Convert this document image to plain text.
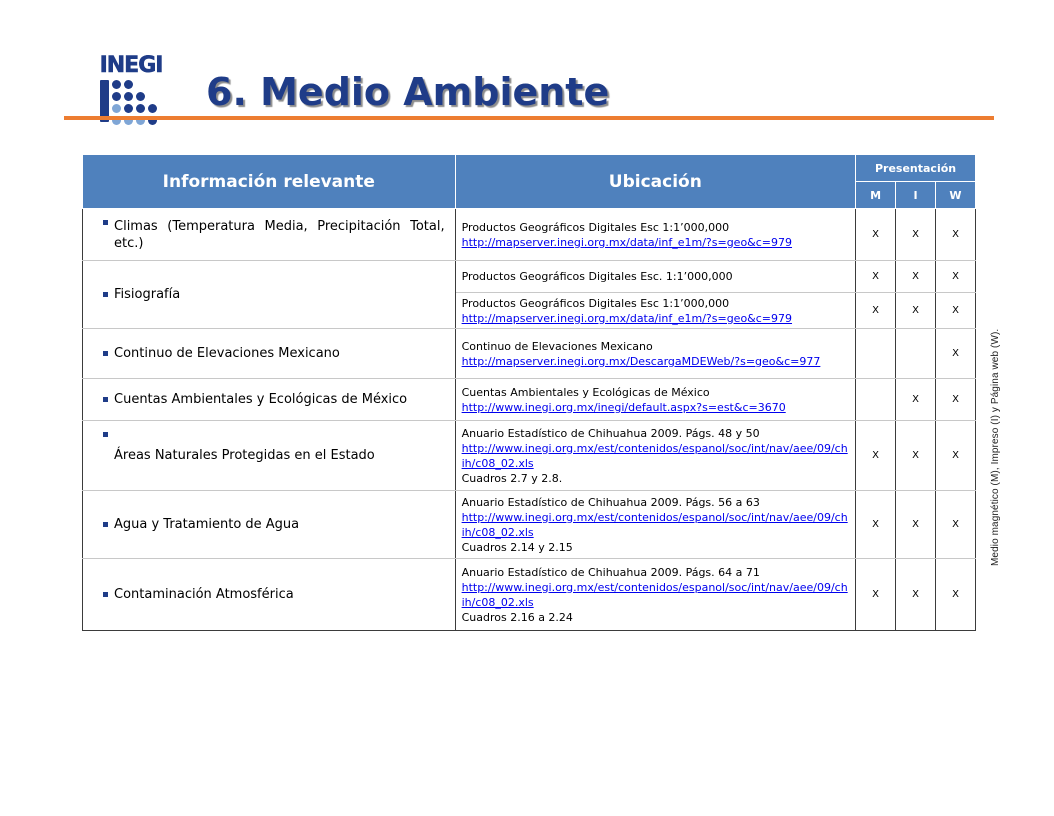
INEGI
6. Medio Ambiente
Información relevante	Ubicación	Presentación		
		M	I	W

Climas (Temperatura Media, Precipitación Total, etc.)	Productos Geográficos Digitales Esc 1:1’000,000
http://mapserver.inegi.org.mx/data/inf_e1m/?s=geo&c=979	X	X	X

Fisiografía	Productos Geográficos Digitales Esc. 1:1’000,000	X	X	X

	Productos Geográficos Digitales Esc 1:1’000,000
http://mapserver.inegi.org.mx/data/inf_e1m/?s=geo&c=979	X	X	X

Continuo de Elevaciones Mexicano	Continuo de Elevaciones Mexicano
http://mapserver.inegi.org.mx/DescargaMDEWeb/?s=geo&c=977			X

Cuentas Ambientales y Ecológicas de México	Cuentas Ambientales y Ecológicas de México
http://www.inegi.org.mx/inegi/default.aspx?s=est&c=3670		X	X

Áreas Naturales Protegidas en el Estado	Anuario Estadístico de Chihuahua 2009. Págs. 48 y 50
http://www.inegi.org.mx/est/contenidos/espanol/soc/int/nav/aee/09/chih/c08_02.xls
Cuadros 2.7 y 2.8.	X	X	X

Agua y Tratamiento de Agua	Anuario Estadístico de Chihuahua 2009. Págs. 56 a 63
http://www.inegi.org.mx/est/contenidos/espanol/soc/int/nav/aee/09/chih/c08_02.xls
Cuadros 2.14 y 2.15	X	X	X

Contaminación Atmosférica	Anuario Estadístico de Chihuahua 2009. Págs. 64 a 71
http://www.inegi.org.mx/est/contenidos/espanol/soc/int/nav/aee/09/chih/c08_02.xls
Cuadros 2.16 a 2.24	X	X	X
Medio magnético (M), Impreso (I) y Página web (W).
